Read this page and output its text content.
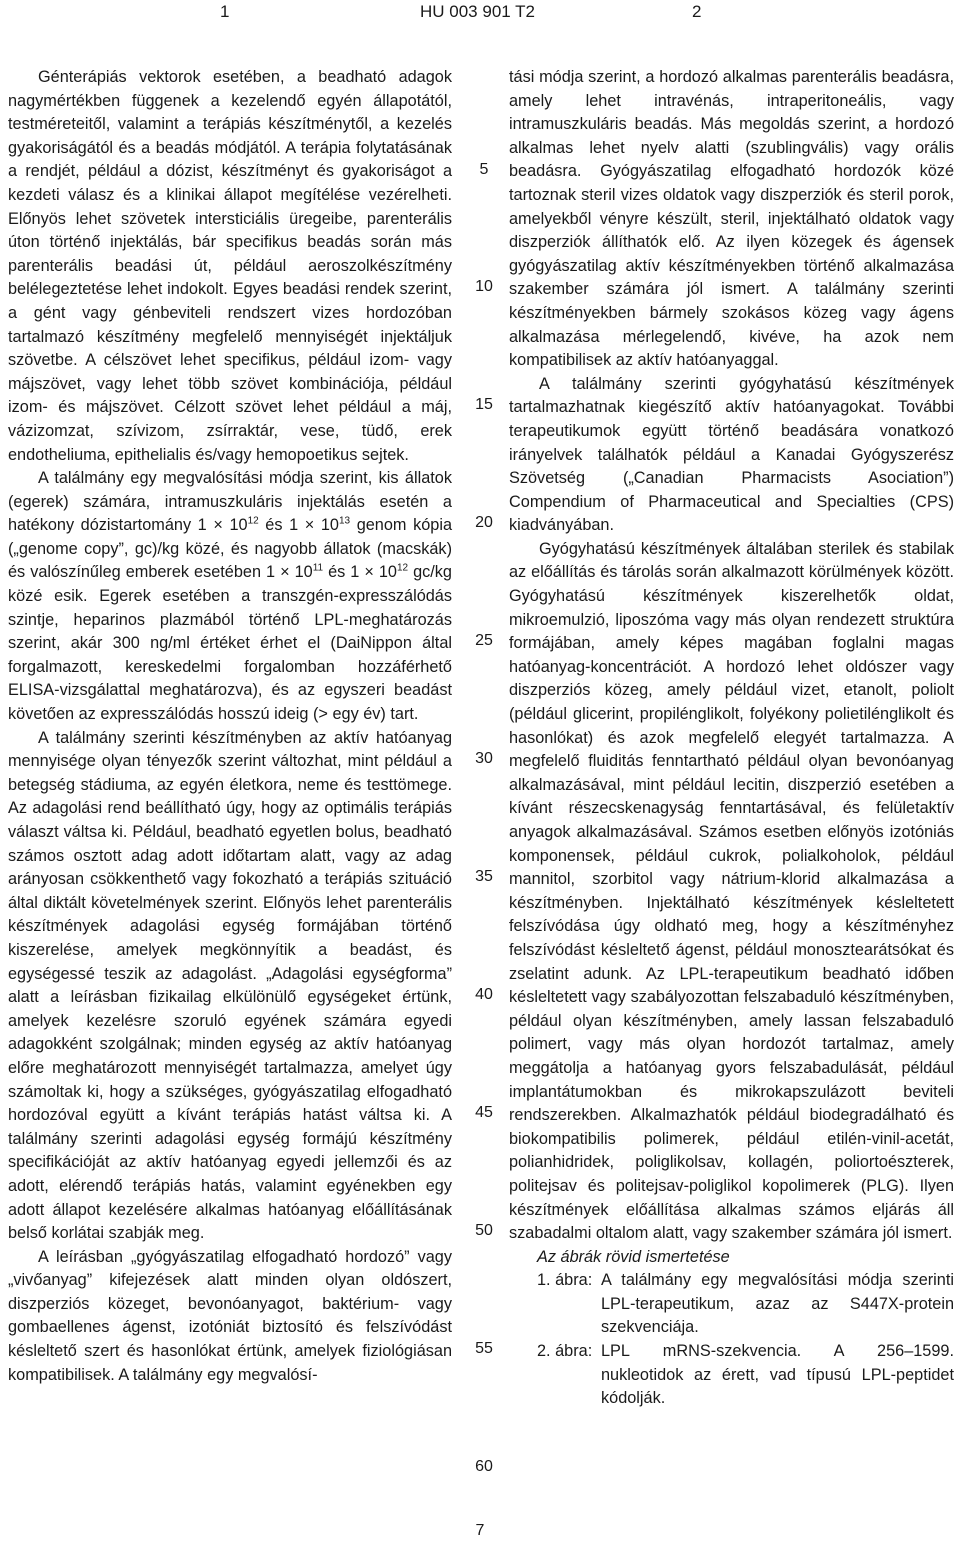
1	HU 003 901 T2	2

Génterápiás vektorok esetében, a beadható adagok nagymértékben függenek a kezelendő egyén állapotától, testméreteitől, valamint a terápiás készítménytől, a kezelés gyakoriságától és a beadás módjától. A terápia folytatásának a rendjét, például a dózist, készítményt és gyakoriságot a kezdeti válasz és a klinikai állapot megítélése vezérelheti. Előnyös lehet szövetek intersticiális üregeibe, parenterális úton történő injektálás, bár specifikus beadás során más parenterális beadási út, például aeroszolkészítmény belélegeztetése lehet indokolt. Egyes beadási rendek szerint, a gént vagy génbeviteli rendszert vizes hordozóban tartalmazó készítmény megfelelő mennyiségét injektáljuk szövetbe. A célszövet lehet specifikus, például izom- vagy májszövet, vagy lehet több szövet kombinációja, például izom- és májszövet. Célzott szövet lehet például a máj, vázizomzat, szívizom, zsírraktár, vese, tüdő, erek endotheliuma, epithelialis és/vagy hemopoetikus sejtek.

A találmány egy megvalósítási módja szerint, kis állatok (egerek) számára, intramuszkuláris injektálás esetén a hatékony dózistartomány $1 \times 10^{12}$ és $1 \times 10^{13}$ genom kópia („genome copy”, gc)/kg közé, és nagyobb állatok (macskák) és valószínűleg emberek esetében $1 \times 10^{11}$ és $1 \times 10^{12}$ gc/kg közé esik. Egerek esetében a transzgén-expresszálódás szintje, heparinos plazmából történő LPL-meghatározás szerint, akár 300 ng/ml értéket érhet el (DaiNippon által forgalmazott, kereskedelmi forgalomban hozzáférhető ELISA-vizsgálattal meghatározva), és az egyszeri beadást követően az expresszálódás hosszú ideig (> egy év) tart.

A találmány szerinti készítményben az aktív hatóanyag mennyisége olyan tényezők szerint változhat, mint például a betegség stádiuma, az egyén életkora, neme és testtömege. Az adagolási rend beállítható úgy, hogy az optimális terápiás választ váltsa ki. Például, beadható egyetlen bolus, beadható számos osztott adag adott időtartam alatt, vagy az adag arányosan csökkenthető vagy fokozható a terápiás szituáció által diktált követelmények szerint. Előnyös lehet parenterális készítmények adagolási egység formájában történő kiszerelése, amelyek megkönnyítik a beadást, és egységessé teszik az adagolást. „Adagolási egységforma” alatt a leírásban fizikailag elkülönülő egységeket értünk, amelyek kezelésre szoruló egyének számára egyedi adagokként szolgálnak; minden egység az aktív hatóanyag előre meghatározott mennyiségét tartalmazza, amelyet úgy számoltak ki, hogy a szükséges, gyógyászatilag elfogadható hordozóval együtt a kívánt terápiás hatást váltsa ki. A találmány szerinti adagolási egység formájú készítmény specifikációját az aktív hatóanyag egyedi jellemzői és az adott, elérendő terápiás hatás, valamint egyénekben egy adott állapot kezelésére alkalmas hatóanyag előállításának belső korlátai szabják meg.

A leírásban „gyógyászatilag elfogadható hordozó” vagy „vivőanyag” kifejezések alatt minden olyan oldószert, diszperziós közeget, bevonóanyagot, baktérium- vagy gombaellenes ágenst, izotóniát biztosító és felszívódást késleltető szert és hasonlókat értünk, amelyek fiziológiásan kompatibilisek. A találmány egy megvalósí-

5
10
15
20
25
30
35
40
45
50
55
60

tási módja szerint, a hordozó alkalmas parenterális beadásra, amely lehet intravénás, intraperitoneális, vagy intramuszkuláris beadás. Más megoldás szerint, a hordozó alkalmas lehet nyelv alatti (szublingvális) vagy orális beadásra. Gyógyászatilag elfogadható hordozók közé tartoznak steril vizes oldatok vagy diszperziók és steril porok, amelyekből vényre készült, steril, injektálható oldatok vagy diszperziók állíthatók elő. Az ilyen közegek és ágensek gyógyászatilag aktív készítményekben történő alkalmazása szakember számára jól ismert. A találmány szerinti készítményekben bármely szokásos közeg vagy ágens alkalmazása mérlegelendő, kivéve, ha azok nem kompatibilisek az aktív hatóanyaggal.

A találmány szerinti gyógyhatású készítmények tartalmazhatnak kiegészítő aktív hatóanyagokat. További terapeutikumok együtt történő beadására vonatkozó irányelvek találhatók például a Kanadai Gyógyszerész Szövetség („Canadian Pharmacists Asociation”) Compendium of Pharmaceutical and Specialties (CPS) kiadványában.

Gyógyhatású készítmények általában sterilek és stabilak az előállítás és tárolás során alkalmazott körülmények között. Gyógyhatású készítmények kiszerelhetők oldat, mikroemulzió, liposzóma vagy más olyan rendezett struktúra formájában, amely képes magában foglalni magas hatóanyag-koncentrációt. A hordozó lehet oldószer vagy diszperziós közeg, amely például vizet, etanolt, poliolt (például glicerint, propilénglikolt, folyékony polietilénglikolt és hasonlókat) és azok megfelelő elegyét tartalmazza. A megfelelő fluiditás fenntartható például olyan bevonóanyag alkalmazásával, mint például lecitin, diszperzió esetében a kívánt részecskenagyság fenntartásával, és felületaktív anyagok alkalmazásával. Számos esetben előnyös izotóniás komponensek, például cukrok, polialkoholok, például mannitol, szorbitol vagy nátrium-klorid alkalmazása a készítményben. Injektálható készítmények késleltetett felszívódása úgy oldható meg, hogy a készítményhez felszívódást késleltető ágenst, például monosztearátsókat és zselatint adunk. Az LPL-terapeutikum beadható időben késleltetett vagy szabályozottan felszabaduló készítményben, például olyan készítményben, amely lassan felszabaduló polimert, vagy más olyan hordozót tartalmaz, amely meggátolja a hatóanyag gyors felszabadulását, például implantátumokban és mikrokapszulázott beviteli rendszerekben. Alkalmazhatók például biodegradálható és biokompatibilis polimerek, például etilén-vinil-acetát, polianhidridek, poliglikolsav, kollagén, poliortoészterek, politejsav és politejsav-poliglikol kopolimerek (PLG). Ilyen készítmények előállítása alkalmas számos eljárás áll szabadalmi oltalom alatt, vagy szakember számára jól ismert.

Az ábrák rövid ismertetése

1. ábra: A találmány egy megvalósítási módja szerinti LPL-terapeutikum, azaz az S447X-protein szekvenciája.
2. ábra: LPL mRNS-szekvencia. A 256–1599. nukleotidok az érett, vad típusú LPL-peptidet kódolják.
7
